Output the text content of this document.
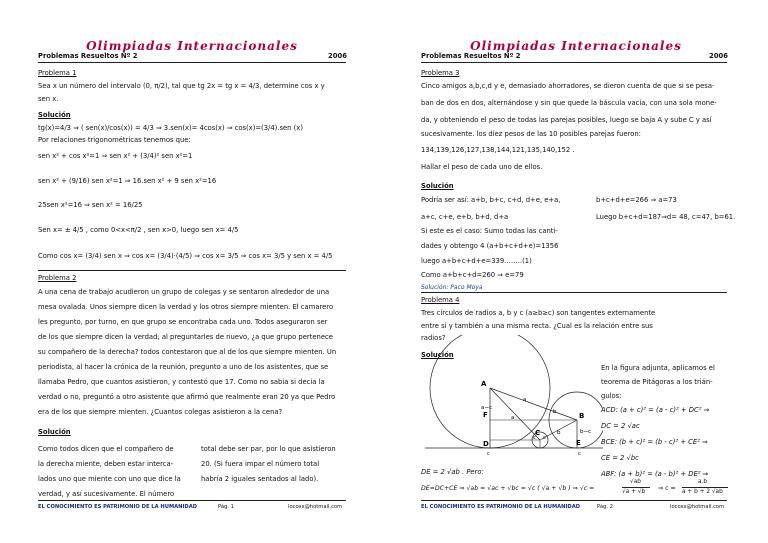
Olimpiadas Internacionales
Problemas Resueltos Nº 2	2006
Problema 1
Sea x un número del intervalo (0, π/2), tal que tg 2x = tg x = 4/3, determine cos x y
sen x.
Solución
tg(x)=4/3 ⇒ ( sen(x)/cos(x)) = 4/3 ⇒ 3.sen(x)= 4cos(x) ⇒ cos(x)=(3/4).sen (x)
Por relaciones trigonométricas tenemos que:
sen x² + cos x²=1 ⇒ sen x² + (3/4)² sen x²=1
sen x² + (9/16) sen x²=1 ⇒ 16.sen x² + 9 sen x²=16
25sen x²=16 ⇒ sen x² = 16/25
Sen x= ± 4/5 , como 0<x<π/2 , sen x>0, luego sen x= 4/5
Como cos x= (3/4) sen x ⇒ cos x= (3/4)·(4/5) ⇒ cos x= 3/5 ⇒ cos x= 3/5 y sen x = 4/5
Problema 2
A una cena de trabajo acudieron un grupo de colegas y se sentaron alrededor de una
mesa ovalada. Unos siempre dicen la verdad y los otros siempre mienten. El camarero
les pregunto, por turno, en que grupo se encontraba cada uno. Todos aseguraron ser
de los que siempre dicen la verdad; al preguntarles de nuevo, ¿a que grupo pertenece
su compañero de la derecha? todos contestaron que al de los que siempre mienten. Un
periodista, al hacer la crónica de la reunión, pregunto a uno de los asistentes, que se
llamaba Pedro, que cuantos asistieron, y contestó que 17. Como no sabia si decía la
verdad o no, preguntó a otro asistente que afirmó que realmente eran 20 ya que Pedro
era de los que siempre mienten. ¿Cuantos colegas asistieron a la cena?
Solución
Como todos dicen que el compañero de
la derecha miente, deben estar interca-
lados uno que miente con uno que dice la
verdad, y así sucesivamente. El número
total debe ser par, por lo que asistieron
20. (Si fuera impar el número total
habría 2 iguales sentados al lado).
EL CONOCIMIENTO ES PATRIMONIO DE LA HUMANIDAD	Pág. 1	locoxx@hotmail.com
Olimpiadas Internacionales
Problemas Resueltos Nº 2	2006
Problema 3
Cinco amigos a,b,c,d y e, demasiado ahorradores, se dieron cuenta de que si se pesa-
ban de dos en dos, alternándose y sin que quede la báscula vacía, con una sola mone-
da, y obteniendo el peso de todas las parejas posibles, luego se baja A y sube C y así
sucesivamente. los diez pesos de las 10 posibles parejas fueron:
134,139,126,127,138,144,121,135,140,152 .
Hallar el peso de cada uno de ellos.
Solución
Podría ser así: a+b, b+c, c+d, d+e, e+a,
a+c, c+e, e+b, b+d, d+a
Si este es el caso: Sumo todas las canti-
dades y obtengo 4 (a+b+c+d+e)=1356
luego a+b+c+d+e=339……..(1)
Como a+b+c+d=260 ⇒ e=79
b+c+d+e=266 ⇒ a=73
Luego b+c+d=187⇒d= 48, c=47, b=61.
Solución: Paco Moya
Problema 4
Tres círculos de radios a, b y c (a≥b≥c) son tangentes externamente
entre si y también a una misma recta. ¿Cual es la relación entre sus
radios?
Solución
En la figura adjunta, aplicamos el
teorema de Pitágoras a los trián-
gulos:
ACD: (a + c)² = (a - c)² + DC² ⇒
DC = 2 √ac
BCE: (b + c)² = (b - c)² + CE² ⇒
CE = 2 √bc
ABF: (a + b)² = (a - b)² + DE² ⇒
A
B
C
D	E
F
a
b
a
b
a−c
b−c
c c
c	c
DE = 2 √ab . Pero:
DE=DC+CE ⇒ √ab = √ac + √bc = √c ( √a + √b ) ⇒ √c =
√ab
√a + √b ⇒ c =
a.b
a + b + 2 √ab
EL CONOCIMIENTO ES PATRIMONIO DE LA HUMANIDAD	Pág. 2	locoxx@hotmail.com
